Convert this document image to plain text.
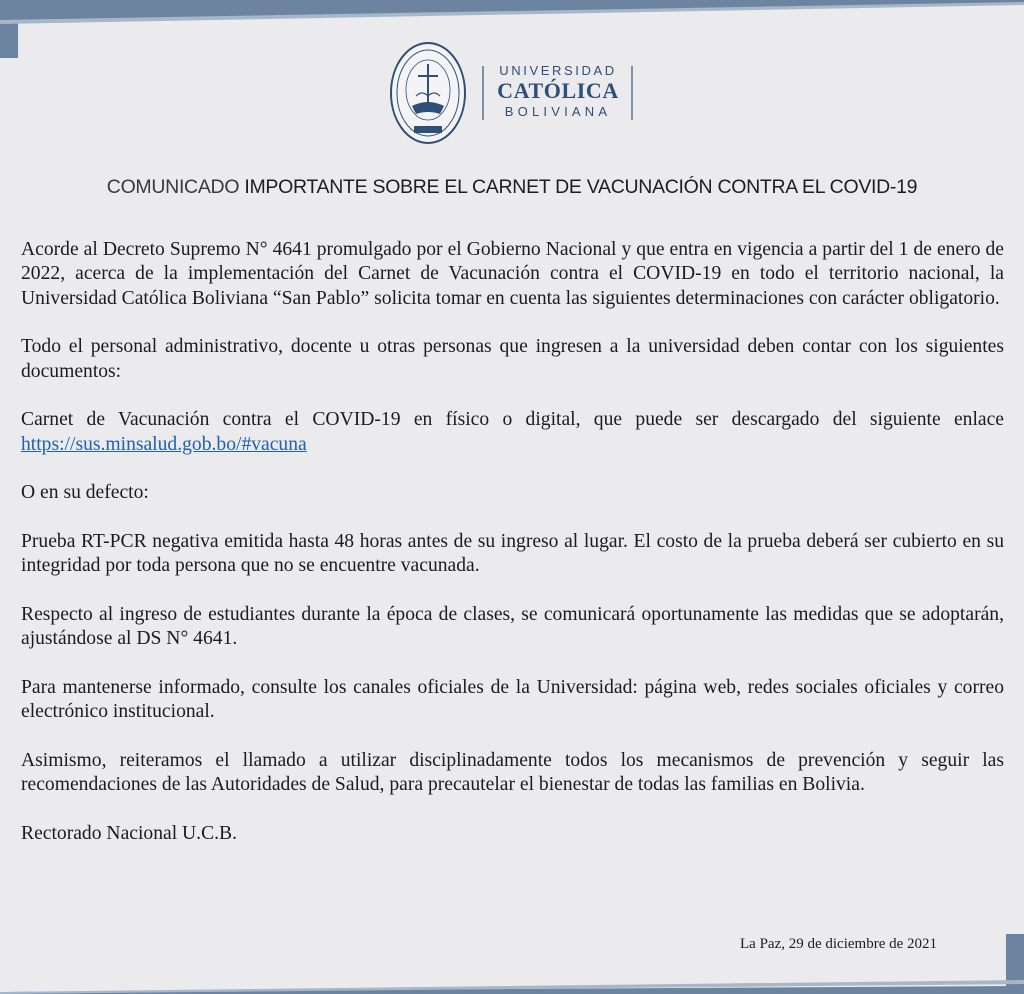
UNIVERSIDAD
CATÓLICA
BOLIVIANA
COMUNICADO IMPORTANTE SOBRE EL CARNET DE VACUNACIÓN CONTRA EL COVID-19

Acorde al Decreto Supremo N° 4641 promulgado por el Gobierno Nacional y que entra en vigencia a partir del 1 de enero de 2022, acerca de la implementación del Carnet de Vacunación contra el COVID-19 en todo el territorio nacional, la Universidad Católica Boliviana “San Pablo” solicita tomar en cuenta las siguientes determinaciones con carácter obligatorio.

Todo el personal administrativo, docente u otras personas que ingresen a la universidad deben contar con los siguientes documentos:

Carnet de Vacunación contra el COVID-19 en físico o digital, que puede ser descargado del siguiente enlace https://sus.minsalud.gob.bo/#vacuna

O en su defecto:

Prueba RT-PCR negativa emitida hasta 48 horas antes de su ingreso al lugar. El costo de la prueba deberá ser cubierto en su integridad por toda persona que no se encuentre vacunada.

Respecto al ingreso de estudiantes durante la época de clases, se comunicará oportunamente las medidas que se adoptarán, ajustándose al DS N° 4641.

Para mantenerse informado, consulte los canales oficiales de la Universidad: página web, redes sociales oficiales y correo electrónico institucional.

Asimismo, reiteramos el llamado a utilizar disciplinadamente todos los mecanismos de prevención y seguir las recomendaciones de las Autoridades de Salud, para precautelar el bienestar de todas las familias en Bolivia.

Rectorado Nacional U.C.B.

La Paz, 29 de diciembre de 2021
